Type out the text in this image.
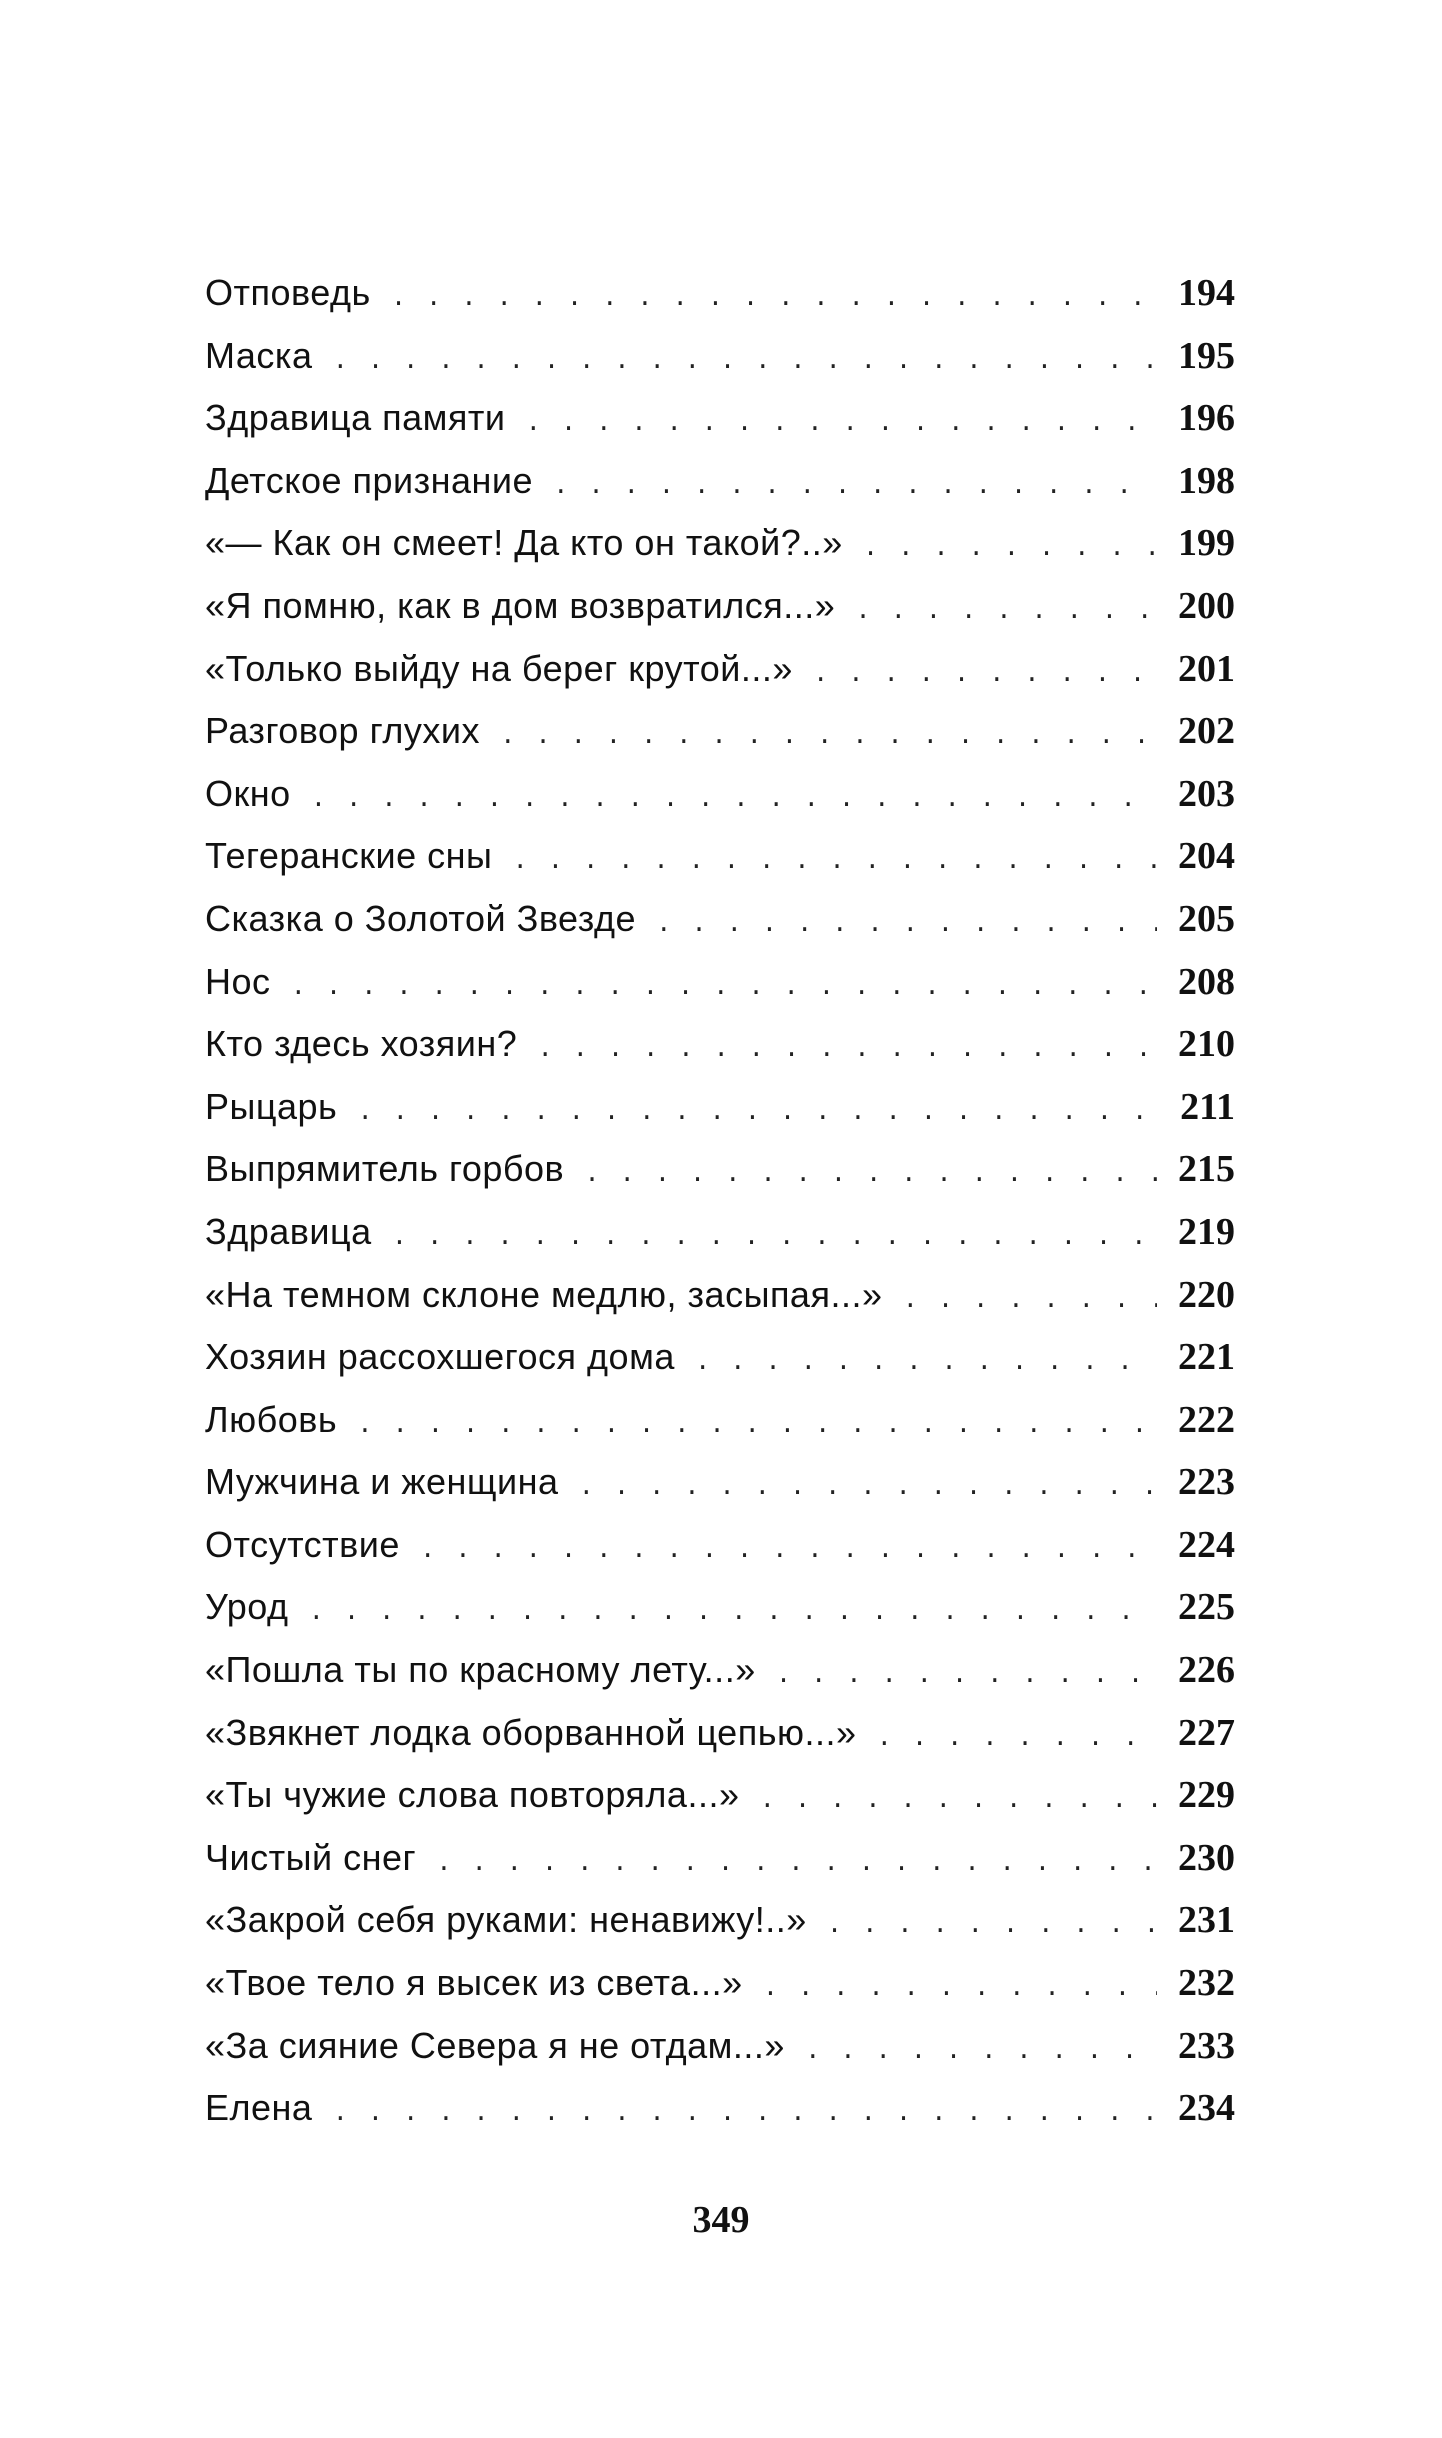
Отповедь . . .	194
Маска . . .	195
Здравица памяти . . .	196
Детское признание . . .	198
«— Как он смеет! Да кто он такой?..» . . .	199
«Я помню, как в дом возвратился...» . . .	200
«Только выйду на берег крутой...» . . .	201
Разговор глухих . . .	202
Окно . . .	203
Тегеранские сны . . .	204
Сказка о Золотой Звезде . . .	205
Нос . . .	208
Кто здесь хозяин? . . .	210
Рыцарь . . .	211
Выпрямитель горбов . . .	215
Здравица . . .	219
«На темном склоне медлю, засыпая...» . . .	220
Хозяин рассохшегося дома . . .	221
Любовь . . .	222
Мужчина и женщина . . .	223
Отсутствие . . .	224
Урод . . .	225
«Пошла ты по красному лету...» . . .	226
«Звякнет лодка оборванной цепью...» . . .	227
«Ты чужие слова повторяла...» . . .	229
Чистый снег . . .	230
«Закрой себя руками: ненавижу!..» . . .	231
«Твое тело я высек из света...» . . .	232
«За сияние Севера я не отдам...» . . .	233
Елена . . .	234
349
